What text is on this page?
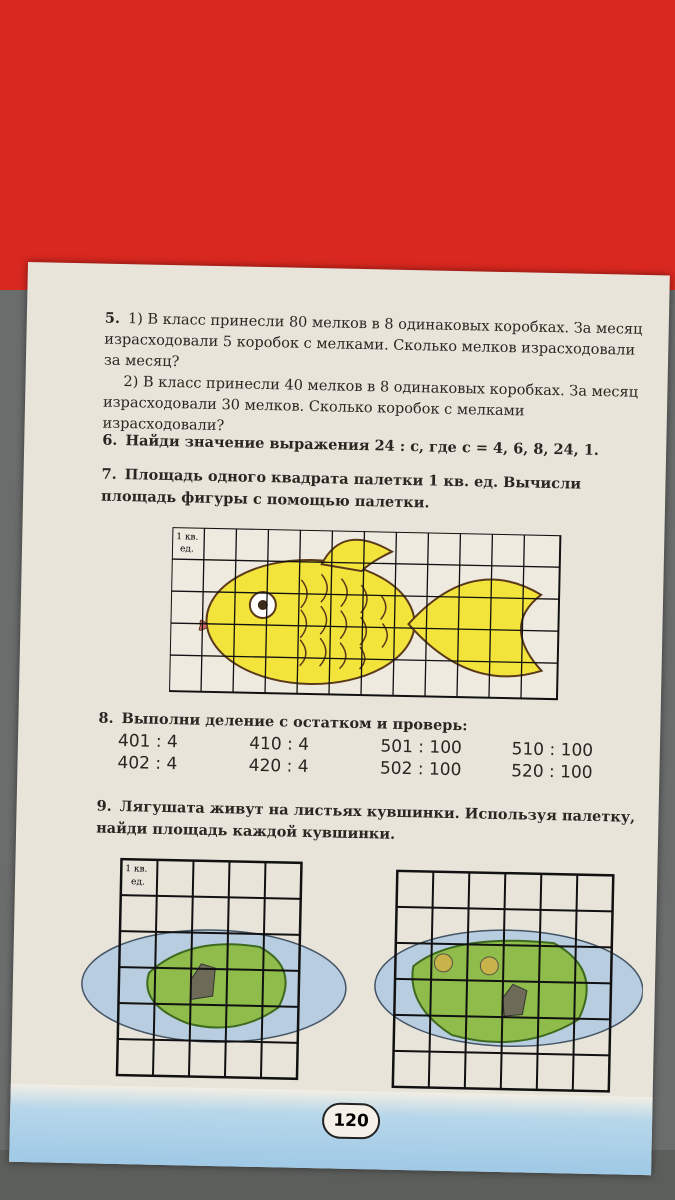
5. 1) В класс принесли 80 мелков в 8 одинаковых коробках. За месяц израсходовали 5 коробок с мелками. Сколько мелков израсходовали за месяц?
2) В класс принесли 40 мелков в 8 одинаковых коробках. За месяц израсходовали 30 мелков. Сколько коробок с мелками израсходовали?
6. Найди значение выражения 24 : с, где с = 4, 6, 8, 24, 1.
7. Площадь одного квадрата палетки 1 кв. ед. Вычисли площадь фигуры с помощью палетки.
1 кв.
ед.
8. Выполни деление с остатком и проверь:
401 : 4	410 : 4	501 : 100	510 : 100
402 : 4	420 : 4	502 : 100	520 : 100
9. Лягушата живут на листьях кувшинки. Используя палетку, найди площадь каждой кувшинки.
1 кв.
ед.
120
